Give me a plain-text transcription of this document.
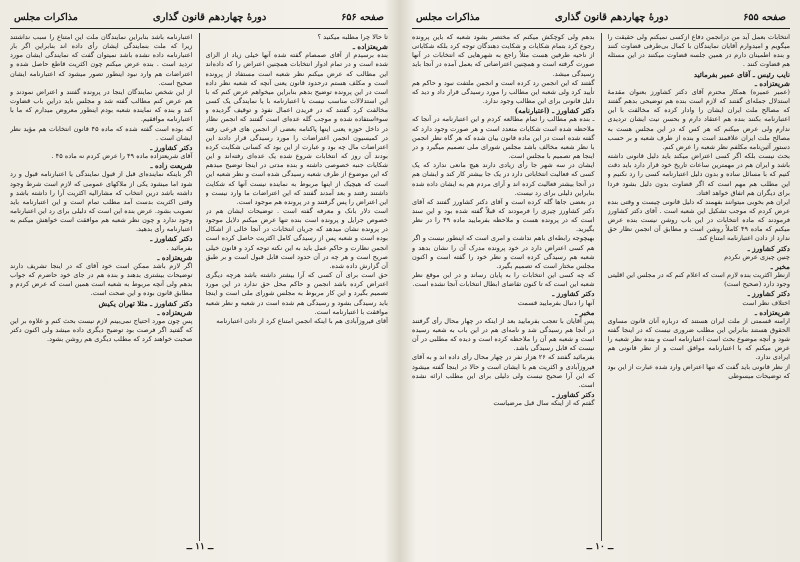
صفحه ۶۵۶
دورهٔ چهاردهم قانون گذاری
مذاکرات مجلس

تا حالا چرا مطلبه میکنید ؟

شریعتزاده ـ

بنده برسیدم از آقای صمصام گفته شده آنها خیلی زیاد از الزای شده است و در تمام ادوار انتخابات همچنین اعتراض را که داده‌اند این مطالب که عرض میکنم نظر شعبه است مستفاد از پرونده است و مکلف هستم درحدود قانون یعنی آنچه که شعبه نظر داده است در این پرونده توضیح بدهم بنابراین میخواهم عرض کنم که با این استدلالات مناسب نیست با اعتبارنامه با یا نمایندگی یک کسی مخالفت کرد گفتند که در فریدن اعمال نفوذ و توقیف گردیده و سوءاستفاده شده و موجب گله عده‌ای است گفتند که انجمن نظار در داخل حوزه یعنی اینها پاکنامه بعضی از انجمن های فرعی رفته در کمیسیون انجمن اعتراضات را مورد رسیدگی قرار دادند این اعتراضات مال چه بود و عبارت از این بود که کسانی شکایت کرده بودند آن روز که انتخابات شروع شده یک عده‌ای رفته‌اند و این شکایات جنبه خصوصی داشته و بنده مدتی در اینجا توضیح میدهم که این موضوع از طرف شعبه رسیدگی شده است و نظر شعبه این است که هیچیک از اینها مربوط به نماینده نیست آنها که شکایت داشتند رفتند و بعد آمدند گفتند که این اعتراضات ما وارد نیست و این اعتراض را پس گرفتند و در پرونده هم موجود است.

است دلار بانک و معرفه گفته است . توضیحات ایشان هم در خصوص جرایل و پرونده است بنده تنها عرض میکنم دلایل موجود در پرونده نشان میدهد که جریان انتخابات در آنجا خالی از اشکال بوده است و شعبه پس از رسیدگی کامل اکثریت حاصل کرده است انجمن نظارت و حاکم عمل باید به این نکته توجه کرد و قانون خیلی صریح است و هر چه در آن حدود است قابل قبول است و بر طبق آن گزارش داده شده.

حق است برای آن کسی که آرا بیشتر داشته باشد هرچه دیگری اعتراض کرده باشد انجمن و حاکم محل حق ندارد در این مورد تصمیم بگیرد و این کار مربوط به مجلس شورای ملی است و اینجا باید رسیدگی بشود و رسیدگی هم شده است در شعبه و نظر شعبه موافقت با اعتبارنامه است.

آقای فیروزآبادی هم با اینکه انجمن امتناع کرد از دادن اعتبارنامه

اعتبارنامه باشد بنابراین نمایندگان ملت این امتناع را سبب نداشتند زیرا که ملت بنمایندگی ایشان رأی داده اند بنابراین اگر بار اعتبارنامه داده نشده باشد نمیتوان گفت که نمایندگی ایشان مورد تردید است . بنده عرض میکنم چون اکثریت قاطع حاصل شده و اعتراضات هم وارد نبود اینطور تصور میشود که اعتبارنامه ایشان صحیح است.

از این شخص نمایندگان اینجا در پرونده گفتند و اعتراض نمودند و هم عرض کنم مطالب گفته شد و مجلس باید دراین باب قضاوت کند و بنده که نماینده شعبه بودم اینطور معروض میدارم که ما با اعتبارنامه موافقیم.

که بوده است گفته شده که ماده ۴۵ قانون انتخابات هم مؤید نظر ایشان است .

دکتر کشاورز ـ

آقای شریعتزاده ماده ۴۹ را عرض کردم نه ماده ۴۵ .

شریعت زاده ـ

اگر باینکه نماینده‌ای قبل از قبول نمایندگی یا اعتبارنامه قبول و رد شود اما میشود یکی از ملاکهای عمومی که لازم است شرط وجود داشته باشد درین انتخاب که مشارالیه اکثریت آرا را داشته باشد و وقتی اکثریت بدست آمد مطلب تمام است و این اعتبارنامه باید تصویب بشود. عرض بنده این است که دلیلی برای رد این اعتبارنامه وجود ندارد و چون نظر شعبه هم موافقت است خواهش میکنم به اعتبارنامه رأی بدهید.

دکتر کشاورز ـ

بفرمائید .

شریعتزاده ـ

اگر لازم باشد ممکن است خود آقای که در اینجا تشریف دارند توضیحات بیشتری بدهند و بنده هم در جای خود حاضرم که جواب بدهم ولی آنچه مربوط به شعبه است همین است که عرض کردم و مطابق قانون بوده و این صحت است.

دکتر کشاورز ـ مثلا تهران یکیش

شریعتزاده ـ

پس چون مورد احتیاج نمی‌بینم لازم نیست بحث کنم و علاوه بر این که گفتید اگر فرصت بود توضیح دیگری داده میشد ولی اکنون دکتر صحبت خواهند کرد که مطلب دیگری هم روشن بشود.

ــ ۱۱ ــ
صفحه ۶۵۵
دورهٔ چهاردهم قانون گذاری
مذاکرات مجلس

انتخابات بعمل آید من درانجمن دفاع ازکسی نمیکنم ولی حقیقت را میگویم و امیدوارم آقایان نمایندگان با کمال بی‌طرفی قضاوت کنند و بنده اطمینان دارم در همین جلسه قضاوت میکنند در این مسئله هم قضاوت کنند .

نایب رئیس ـ آقای عمیر بفرمائید

شریعتزاده ـ

(عمیر عمیره) همکار محترم آقای دکتر کشاورز بعنوان مقدمهٔ استدلال جمله‌ای گفتند که لازم است بنده هم توضیحی بدهم گفتند که مصالح ملت ایران ایشان را وادار کرده که مخالفت با این اعتبارنامه بکنند بنده هم اعتقاد دارم و بحسن نیت ایشان تردیدی ندارم ولی عرض میکنم که هر کس که در این مجلس هست به مصالح ملت ایران علاقمند است و بنده از طرف شعبه و بر حسب دستور آئین‌نامه مکلفم نظر شعبه را عرض کنم.

بحث نیست بلکه اگر کسی اعتراض میکند باید دلیل قانونی داشته باشد و ایران هم در مهمترین ساعات تاریخ خود قرار دارد باید دقت کنیم که با مسائل ساده و بدون دلیل اعتبارنامه کسی را رد نکنیم و این مطلب هم مهم است که اگر قضاوت بدون دلیل بشود فردا برای دیگران هم اتفاق خواهد افتاد.

ایران هم بخوبی میتوانند بفهمند که دلیل قانونی چیست و وقتی بنده عرض کردم که موجب تشکیل این شعبه است . آقای دکتر کشاورز فرمودند که ماده انتخابات در این باب روشن نیست بنده عرض میکنم که ماده ۴۹ کاملاً روشن است و مطابق آن انجمن نظار حق ندارد از دادن اعتبارنامه امتناع کند.

دکتر کشاورز ـ

چنین چیزی عرض نکردم

مخبر ـ

ازنظر اکثریت بنده لازم است که اعلام کنم که در مجلس این اقلیتی وجود دارد (صحیح است)

دکتر کشاورز ـ

اختلاف نظر است

شریعتزاده ـ

ارامنه قسمتی از ملت ایران هستند که درباره آنان قانون مساوی الحقوق هستند بنابراین این مطلب ضروری نیست که در اینجا گفته شود و آنچه موضوع بحث است اعتبارنامه است و بنده نظر شعبه را عرض میکنم که با اعتبارنامه موافق است و از نظر قانونی هم ایرادی ندارد.

از نظر قانونی باید گفت که تنها اعتراض وارد شده عبارت از این بود که توضیحات میسوطی

بدهم ولی کوچکش میکنم که مختصر بشود شعبه که باین پرونده رجوع کرد بتمام شکایات و شکایت دهندگان توجه کرد بلکه شکایاتی از ناحیه طرفین هست مثلاً راجع به شهرهایی که انتخابات در آنها صورت گرفته است و همچنین اعتراضاتی که بعمل آمده در آنجا باید رسیدگی میشد.

گفتند که این انجمن رد کرده است و انجمن ملتفت نبود و حاکم هم تأیید کرد ولی شعبه این مطالب را مورد رسیدگی قرار داد و دید که دلیل قانونی برای این مطالب وجود ندارد.

دکتر کشاورز ـ (اعتبارنامه)

ـ بنده هم مطالب را تمام مطالعه کردم و این اعتبارنامه در آنجا که ملاحظه شده است شکایات متعدد است و هر صورت وجود دارد که گفته شده است در این ماده قانون بیان شده که هر گاه نظر انجمن با نظر شعبه مخالف باشد مجلس شورای ملی تصمیم میگیرد و در اینجا هم تصمیم با مجلس است.

ایشان در سه شهر جا رأی زیادی دارند هیچ مانعی ندارد که یک کسی که فعالیت انتخاباتی دارد در یک جا بیشتر کار کند و ایشان هم در آنجا بیشتر فعالیت کرده اند و آرای مردم هم به ایشان داده شده بنابراین دلیلی برای رد نیست.

در بعضی جاها گله کرده است و آقای دکتر کشاورز گفتند که آقای دکتر کشاورز چیزی را فرمودند که قبلاً گفته شده بود و این سند است که در پرونده هست و ملاحظه بفرمایید ماده ۴۹ را در نظر بگیرید.

بهیچوجه رابطه‌ای باهم نداشت و امری است که اینطور نیست و اگر هم کسی اعتراض دارد در خود پرونده مدرک آن را نشان بدهد و شعبه هم رسیدگی کرده است و نظر خود را گفته است و اکنون مجلس مختار است که تصمیم بگیرد.

که چه کسی این انتخابات را به پایان رساند و در این موقع نظر شعبه این است که تا کنون تقاضای ابطال انتخابات آنجا نشده است.

دکتر کشاورز ـ

آنها را دنبال بفرمایید قسمت

مخبر ـ

پس آقایان با تعجب بفرمایید بعد از اینکه در چهار محال رأی گرفتند در آنجا هم رسیدگی شد و نامه‌ای هم در این باب به شعبه رسیده است و شعبه هم آن را ملاحظه کرده است و دیده که مطلبی در آن نیست که قابل رسیدگی باشد.

بفرمائید گفتند که ۲۶ هزار نفر در چهار محال رأی داده اند و به آقای فیروزآبادی و اکثریت هم با ایشان است و حالا در اینجا گفته میشود که این آرا صحیح نیست ولی دلیلی برای این مطلب ارائه نشده است.

دکتر کشاورز ـ

گفتم که از اینکه سال قبل مرضیاست

ــ ۱۰ ــ
